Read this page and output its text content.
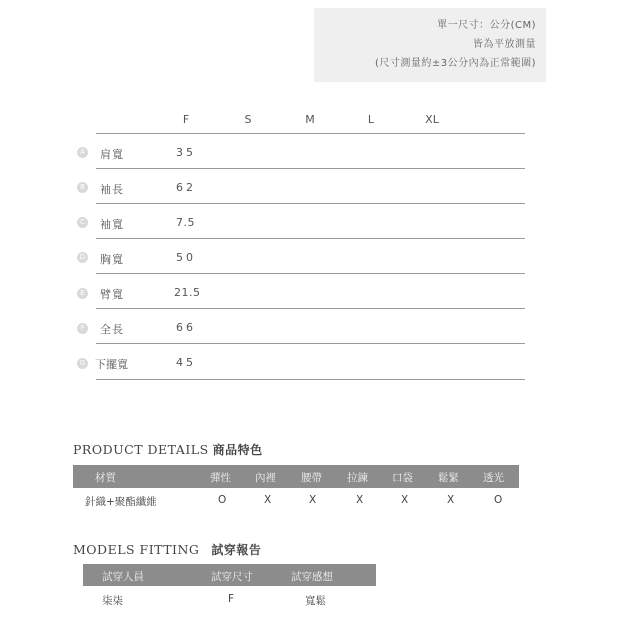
單一尺寸：公分(CM)
皆為平放測量
(尺寸測量約±3公分內為正常範圍)
F	S	M	L	XL
A 肩寬	35
B 袖長	62
C 袖寬	7.5
D 胸寬	50
E 臂寬	21.5
F	全長	66
G 下擺寬	45
PRODUCT DETAILS 商品特色
材質	彈性 內裡 腰帶 拉鍊 口袋 鬆緊 透光
針織+聚酯纖維	O	X	X	X	X	X	O
MODELS FITTING 試穿報告
試穿人員	試穿尺寸	試穿感想
柒柒	F	寬鬆
